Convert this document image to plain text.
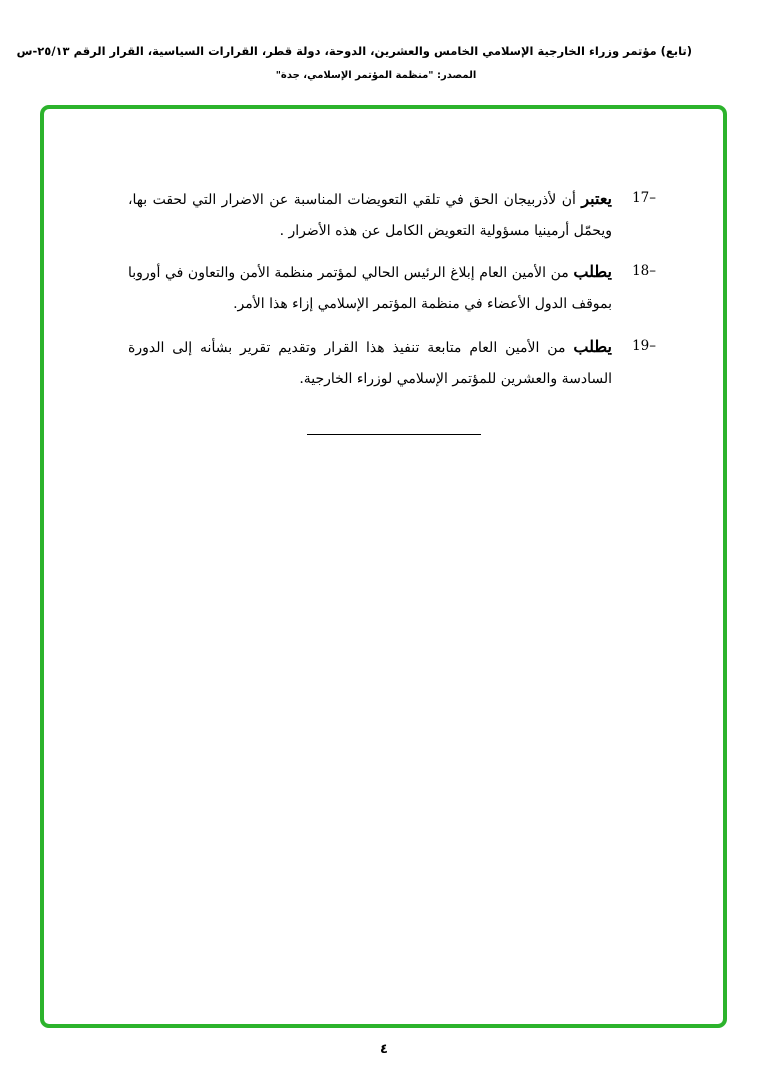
(تابع) مؤتمر وزراء الخارجية الإسلامي الخامس والعشرين، الدوحة، دولة قطر، القرارات السياسية، القرار الرقم ٢٥/١٣-س
المصدر: "منظمة المؤتمر الإسلامي، جدة"
17–
يعتبر أن لأذربيجان الحق في تلقي التعويضات المناسبة عن الاضرار التي لحقت بها، ويحمّل أرمينيا مسؤولية التعويض الكامل عن هذه الأضرار .
18–
يطلب من الأمين العام إبلاغ الرئيس الحالي لمؤتمر منظمة الأمن والتعاون في أوروبا بموقف الدول الأعضاء في منظمة المؤتمر الإسلامي إزاء هذا الأمر.
19–
يطلب من الأمين العام متابعة تنفيذ هذا القرار وتقديم تقرير بشأنه إلى الدورة السادسة والعشرين للمؤتمر الإسلامي لوزراء الخارجية.
٤
